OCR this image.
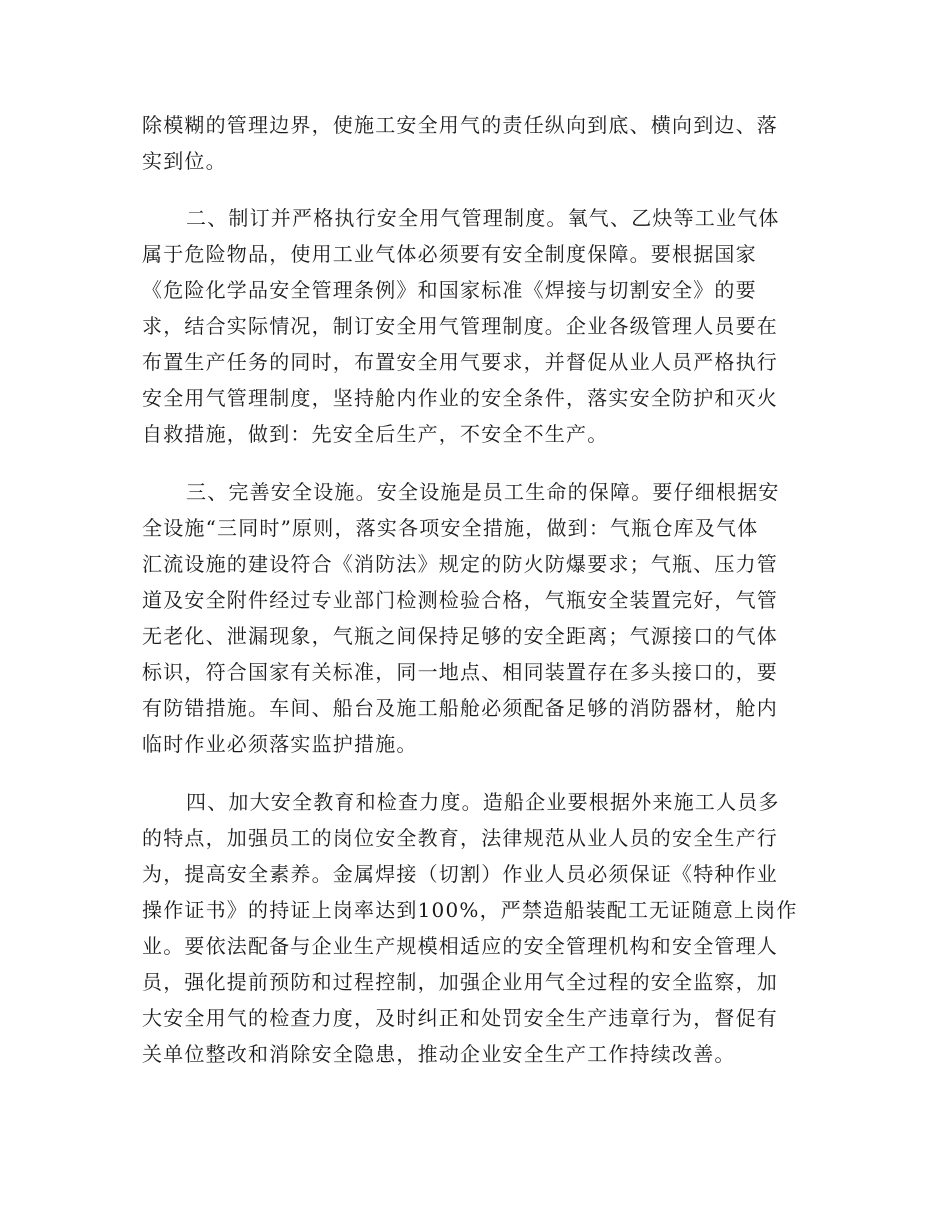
除模糊的管理边界，使施工安全用气的责任纵向到底、横向到边、落
实到位。
二、制订并严格执行安全用气管理制度。氧气、乙炔等工业气体
属于危险物品，使用工业气体必须要有安全制度保障。要根据国家
《危险化学品安全管理条例》和国家标准《焊接与切割安全》的要
求，结合实际情况，制订安全用气管理制度。企业各级管理人员要在
布置生产任务的同时，布置安全用气要求，并督促从业人员严格执行
安全用气管理制度，坚持舱内作业的安全条件，落实安全防护和灭火
自救措施，做到：先安全后生产，不安全不生产。
三、完善安全设施。安全设施是员工生命的保障。要仔细根据安
全设施“三同时”原则，落实各项安全措施，做到：气瓶仓库及气体
汇流设施的建设符合《消防法》规定的防火防爆要求；气瓶、压力管
道及安全附件经过专业部门检测检验合格，气瓶安全装置完好，气管
无老化、泄漏现象，气瓶之间保持足够的安全距离；气源接口的气体
标识，符合国家有关标准，同一地点、相同装置存在多头接口的，要
有防错措施。车间、船台及施工船舱必须配备足够的消防器材，舱内
临时作业必须落实监护措施。
四、加大安全教育和检查力度。造船企业要根据外来施工人员多
的特点，加强员工的岗位安全教育，法律规范从业人员的安全生产行
为，提高安全素养。金属焊接（切割）作业人员必须保证《特种作业
操作证书》的持证上岗率达到100%，严禁造船装配工无证随意上岗作
业。要依法配备与企业生产规模相适应的安全管理机构和安全管理人
员，强化提前预防和过程控制，加强企业用气全过程的安全监察，加
大安全用气的检查力度，及时纠正和处罚安全生产违章行为，督促有
关单位整改和消除安全隐患，推动企业安全生产工作持续改善。
